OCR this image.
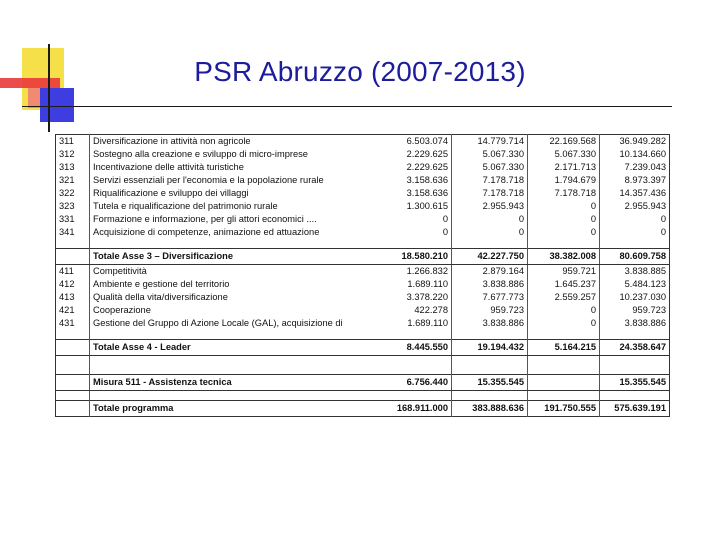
PSR Abruzzo (2007-2013)
311	Diversificazione in attività non agricole	6.503.074	14.779.714	22.169.568	36.949.282
312	Sostegno alla creazione e sviluppo di micro-imprese	2.229.625	5.067.330	5.067.330	10.134.660
313	Incentivazione delle attività turistiche	2.229.625	5.067.330	2.171.713	7.239.043
321	Servizi essenziali per l'economia e la popolazione rurale	3.158.636	7.178.718	1.794.679	8.973.397
322	Riqualificazione e sviluppo dei villaggi	3.158.636	7.178.718	7.178.718	14.357.436
323	Tutela e riqualificazione del patrimonio rurale	1.300.615	2.955.943	0	2.955.943
331	Formazione e informazione, per gli attori economici ....	0	0	0	0
341	Acquisizione di competenze, animazione ed attuazione	0	0	0	0

	Totale Asse 3 – Diversificazione	18.580.210	42.227.750	38.382.008	80.609.758
411	Competitività	1.266.832	2.879.164	959.721	3.838.885
412	Ambiente e gestione del territorio	1.689.110	3.838.886	1.645.237	5.484.123
413	Qualità della vita/diversificazione	3.378.220	7.677.773	2.559.257	10.237.030
421	Cooperazione	422.278	959.723	0	959.723
431	Gestione del Gruppo di Azione Locale (GAL), acquisizione di	1.689.110	3.838.886	0	3.838.886

	Totale Asse 4 - Leader	8.445.550	19.194.432	5.164.215	24.358.647

	Misura 511 - Assistenza tecnica	6.756.440	15.355.545		15.355.545

	Totale programma	168.911.000	383.888.636	191.750.555	575.639.191
